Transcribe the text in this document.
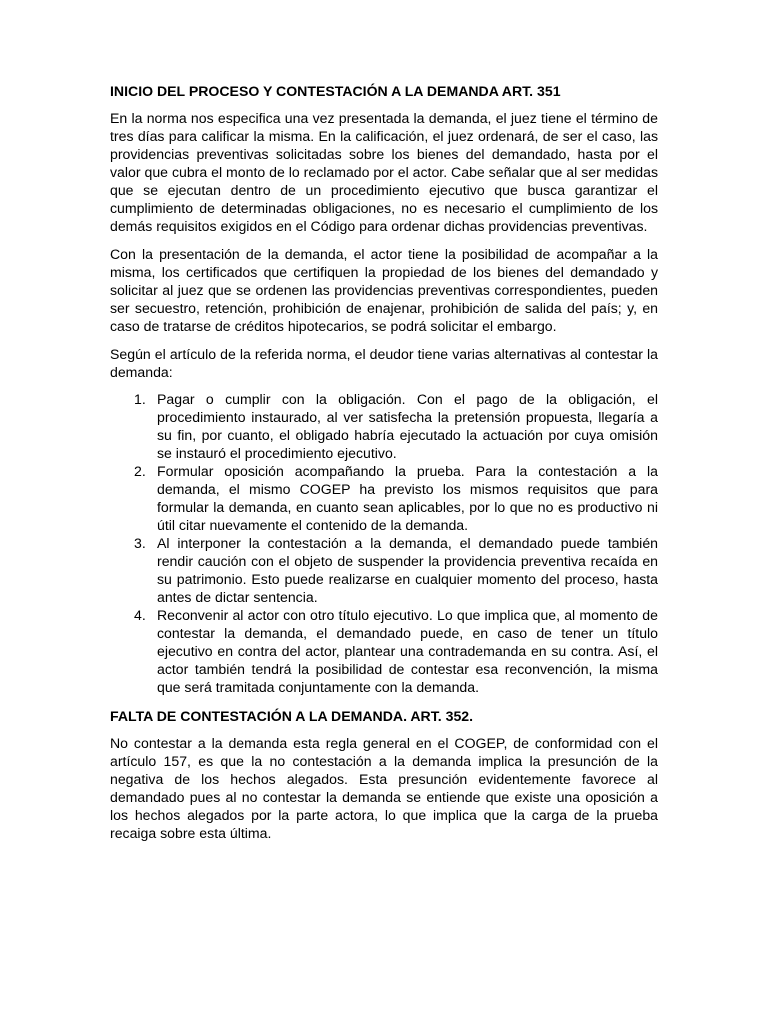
INICIO DEL PROCESO Y CONTESTACIÓN A LA DEMANDA ART. 351

En la norma nos especifica una vez presentada la demanda, el juez tiene el término de tres días para calificar la misma. En la calificación, el juez ordenará, de ser el caso, las providencias preventivas solicitadas sobre los bienes del demandado, hasta por el valor que cubra el monto de lo reclamado por el actor. Cabe señalar que al ser medidas que se ejecutan dentro de un procedimiento ejecutivo que busca garantizar el cumplimiento de determinadas obligaciones, no es necesario el cumplimiento de los demás requisitos exigidos en el Código para ordenar dichas providencias preventivas.

Con la presentación de la demanda, el actor tiene la posibilidad de acompañar a la misma, los certificados que certifiquen la propiedad de los bienes del demandado y solicitar al juez que se ordenen las providencias preventivas correspondientes, pueden ser secuestro, retención, prohibición de enajenar, prohibición de salida del país; y, en caso de tratarse de créditos hipotecarios, se podrá solicitar el embargo.

Según el artículo de la referida norma, el deudor tiene varias alternativas al contestar la demanda:

1. Pagar o cumplir con la obligación. Con el pago de la obligación, el procedimiento instaurado, al ver satisfecha la pretensión propuesta, llegaría a su fin, por cuanto, el obligado habría ejecutado la actuación por cuya omisión se instauró el procedimiento ejecutivo.
2. Formular oposición acompañando la prueba. Para la contestación a la demanda, el mismo COGEP ha previsto los mismos requisitos que para formular la demanda, en cuanto sean aplicables, por lo que no es productivo ni útil citar nuevamente el contenido de la demanda.
3. Al interponer la contestación a la demanda, el demandado puede también rendir caución con el objeto de suspender la providencia preventiva recaída en su patrimonio. Esto puede realizarse en cualquier momento del proceso, hasta antes de dictar sentencia.
4. Reconvenir al actor con otro título ejecutivo. Lo que implica que, al momento de contestar la demanda, el demandado puede, en caso de tener un título ejecutivo en contra del actor, plantear una contrademanda en su contra. Así, el actor también tendrá la posibilidad de contestar esa reconvención, la misma que será tramitada conjuntamente con la demanda.
FALTA DE CONTESTACIÓN A LA DEMANDA. ART. 352.

No contestar a la demanda esta regla general en el COGEP, de conformidad con el artículo 157, es que la no contestación a la demanda implica la presunción de la negativa de los hechos alegados. Esta presunción evidentemente favorece al demandado pues al no contestar la demanda se entiende que existe una oposición a los hechos alegados por la parte actora, lo que implica que la carga de la prueba recaiga sobre esta última.
